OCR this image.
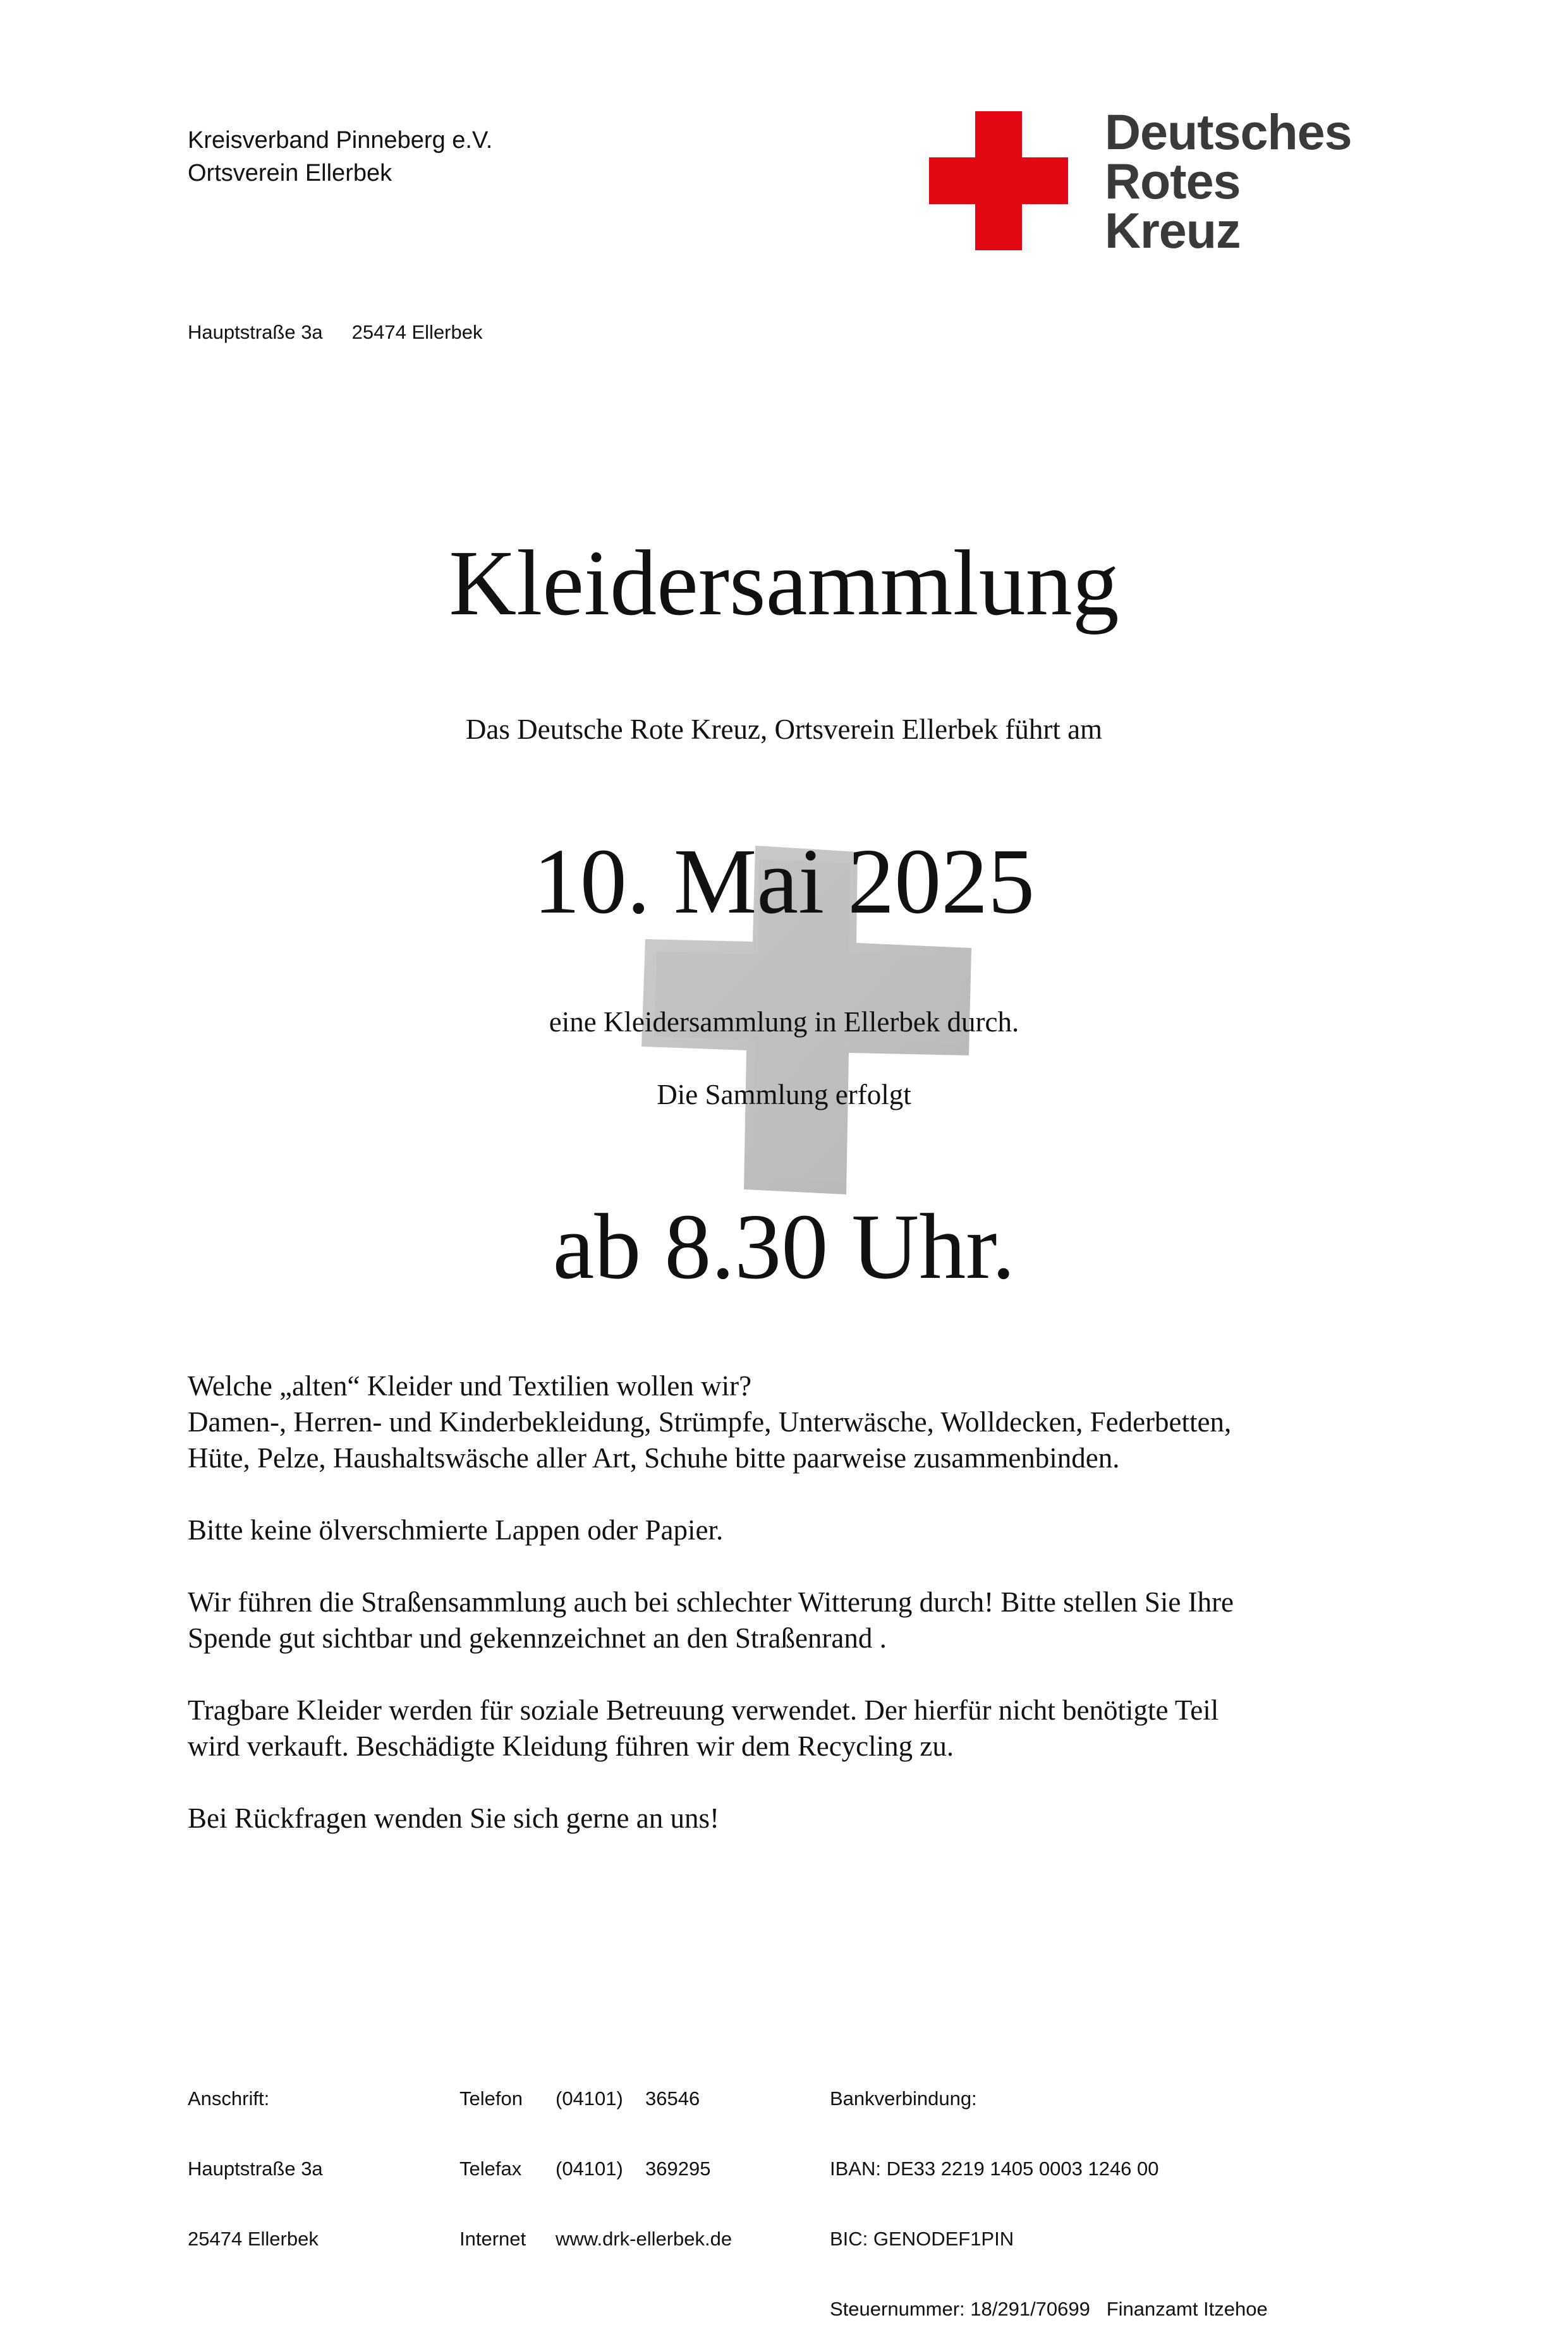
Kreisverband Pinneberg e.V.
Ortsverein Ellerbek
Hauptstraße 3a 25474 Ellerbek
Deutsches
Rotes
Kreuz
Kleidersammlung
Das Deutsche Rote Kreuz, Ortsverein Ellerbek führt am
10. Mai 2025
eine Kleidersammlung in Ellerbek durch.
Die Sammlung erfolgt
ab 8.30 Uhr.

Welche „alten“ Kleider und Textilien wollen wir?
Damen-, Herren- und Kinderbekleidung, Strümpfe, Unterwäsche, Wolldecken, Federbetten,
Hüte, Pelze, Haushaltswäsche aller Art, Schuhe bitte paarweise zusammenbinden.

Bitte keine ölverschmierte Lappen oder Papier.

Wir führen die Straßensammlung auch bei schlechter Witterung durch! Bitte stellen Sie Ihre
Spende gut sichtbar und gekennzeichnet an den Straßenrand .

Tragbare Kleider werden für soziale Betreuung verwendet. Der hierfür nicht benötigte Teil
wird verkauft. Beschädigte Kleidung führen wir dem Recycling zu.

Bei Rückfragen wenden Sie sich gerne an uns!

Anschrift:

Hauptstraße 3a

25474 Ellerbek

Telefon (04101) 36546

Telefax (04101) 369295

Internet www.drk-ellerbek.de

Bankverbindung:

IBAN: DE33 2219 1405 0003 1246 00

BIC: GENODEF1PIN

Steuernummer: 18/291/70699   Finanzamt Itzehoe
